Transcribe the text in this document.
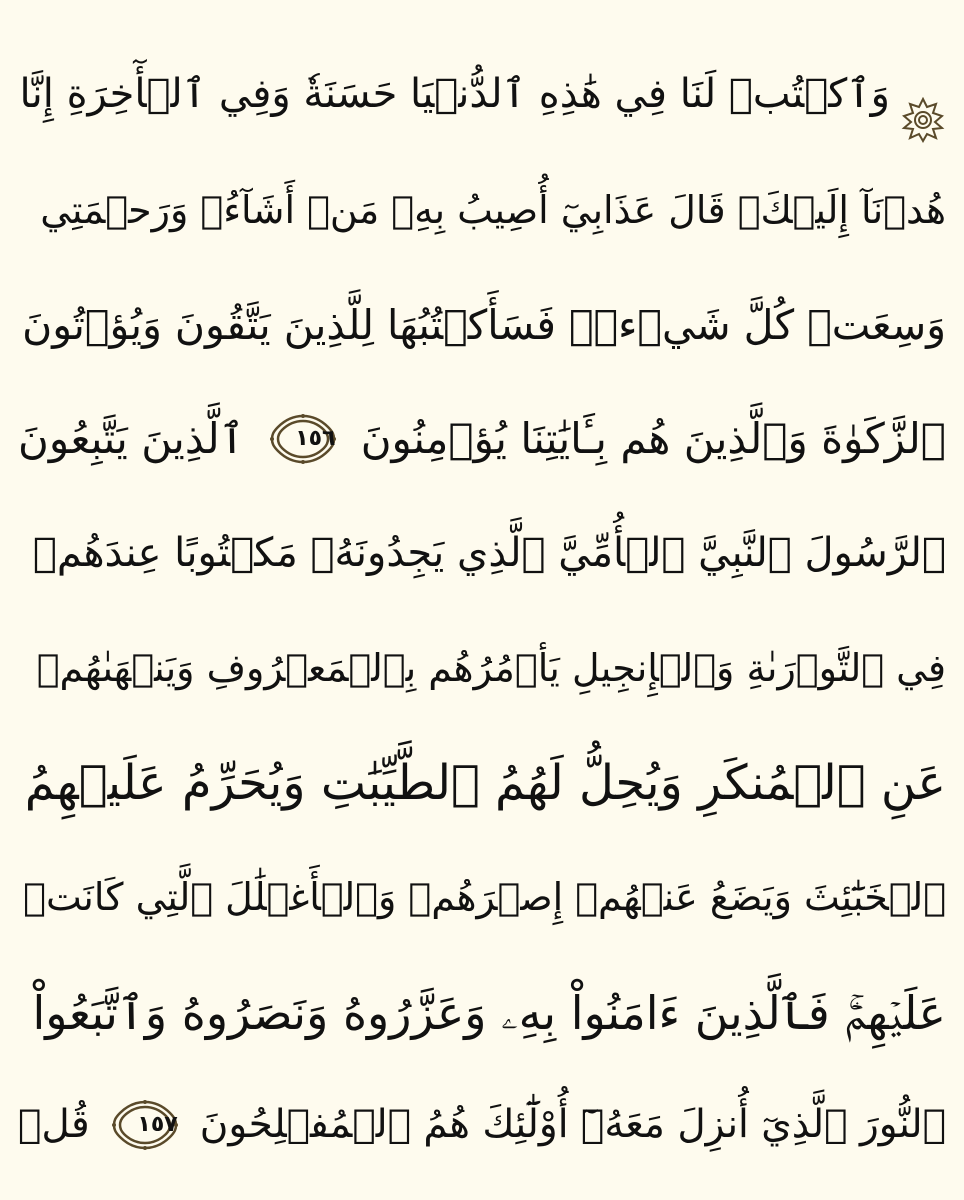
وَٱكۡتُبۡ لَنَا فِي هَٰذِهِ ٱلدُّنۡيَا حَسَنَةٗ وَفِي ٱلۡأٓخِرَةِ إِنَّا
هُدۡنَآ إِلَيۡكَۚ قَالَ عَذَابِيٓ أُصِيبُ بِهِۦ مَنۡ أَشَآءُۖ وَرَحۡمَتِي
وَسِعَتۡ كُلَّ شَيۡءٖۚ فَسَأَكۡتُبُهَا لِلَّذِينَ يَتَّقُونَ وَيُؤۡتُونَ
ٱلزَّكَوٰةَ وَٱلَّذِينَ هُم بِـَٔايَٰتِنَا يُؤۡمِنُونَ
١٥٦
ٱلَّذِينَ يَتَّبِعُونَ
ٱلرَّسُولَ ٱلنَّبِيَّ ٱلۡأُمِّيَّ ٱلَّذِي يَجِدُونَهُۥ مَكۡتُوبًا عِندَهُمۡ
فِي ٱلتَّوۡرَىٰةِ وَٱلۡإِنجِيلِ يَأۡمُرُهُم بِٱلۡمَعۡرُوفِ وَيَنۡهَىٰهُمۡ
عَنِ ٱلۡمُنكَرِ وَيُحِلُّ لَهُمُ ٱلطَّيِّبَٰتِ وَيُحَرِّمُ عَلَيۡهِمُ
ٱلۡخَبَٰٓئِثَ وَيَضَعُ عَنۡهُمۡ إِصۡرَهُمۡ وَٱلۡأَغۡلَٰلَ ٱلَّتِي كَانَتۡ
عَلَيۡهِمۡۚ فَٱلَّذِينَ ءَامَنُواْ بِهِۦ وَعَزَّرُوهُ وَنَصَرُوهُ وَٱتَّبَعُواْ
ٱلنُّورَ ٱلَّذِيٓ أُنزِلَ مَعَهُۥٓ أُوْلَٰٓئِكَ هُمُ ٱلۡمُفۡلِحُونَ
١٥٧
قُلۡ
